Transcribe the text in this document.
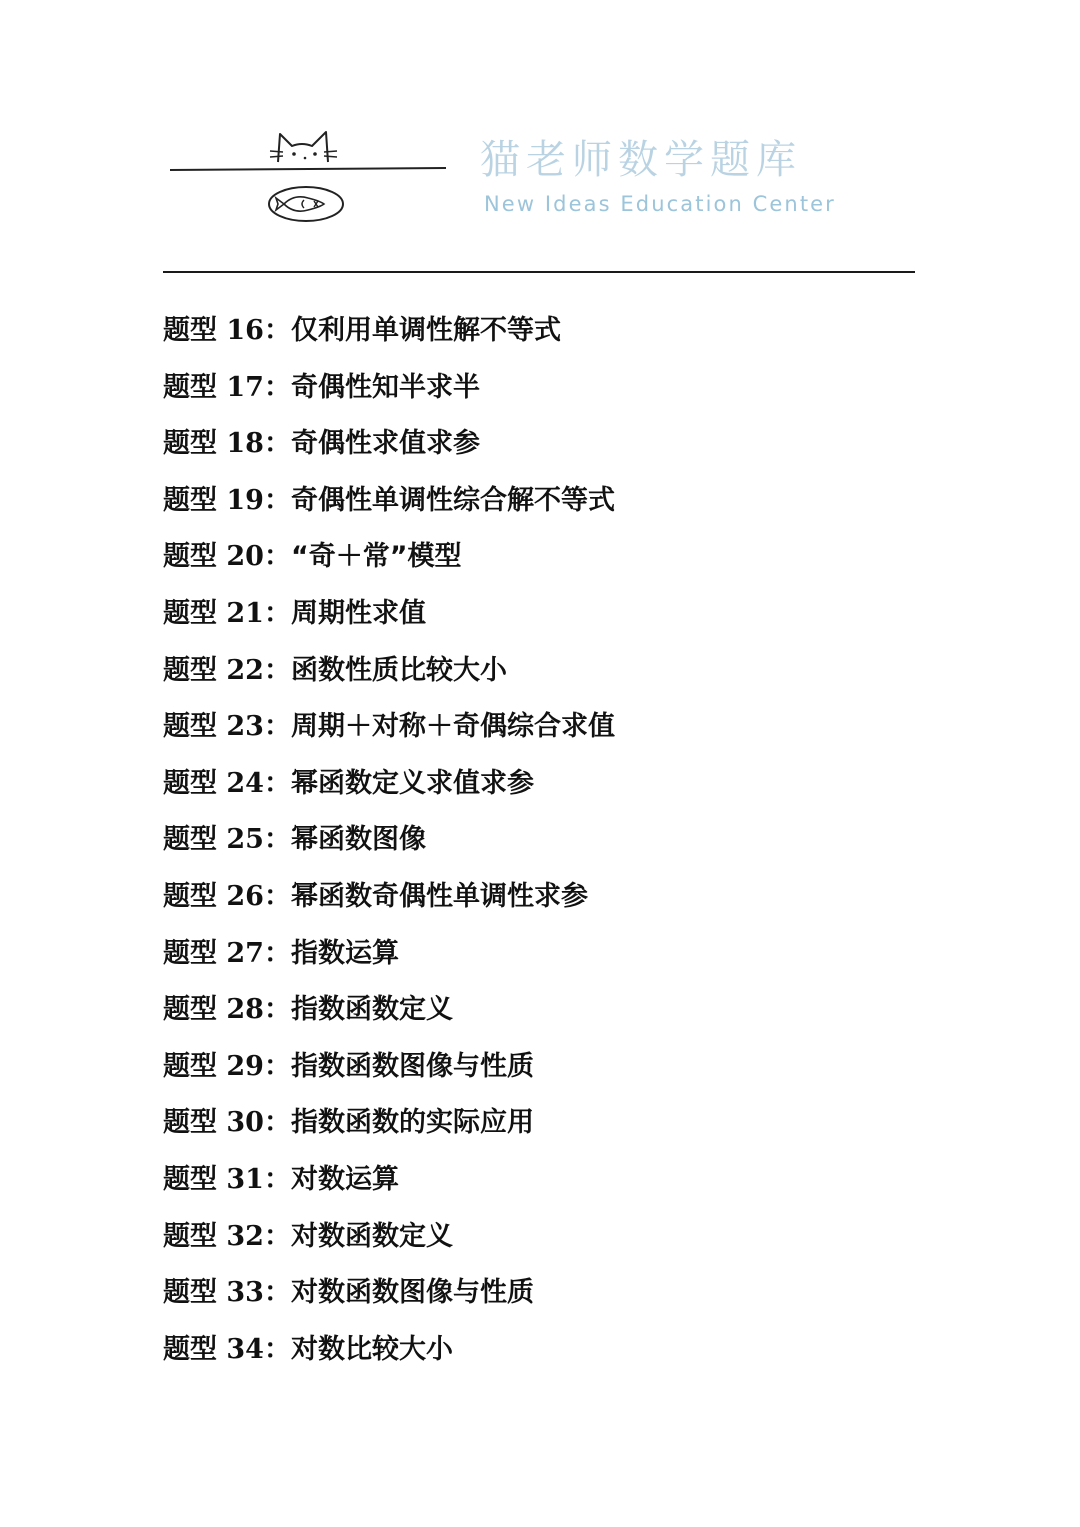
猫老师数学题库
New Ideas Education Center
题型 16： 仅利用单调性解不等式
题型 17： 奇偶性知半求半
题型 18： 奇偶性求值求参
题型 19： 奇偶性单调性综合解不等式
题型 20： “奇＋常”模型
题型 21： 周期性求值
题型 22： 函数性质比较大小
题型 23： 周期＋对称＋奇偶综合求值
题型 24： 幂函数定义求值求参
题型 25： 幂函数图像
题型 26： 幂函数奇偶性单调性求参
题型 27： 指数运算
题型 28： 指数函数定义
题型 29： 指数函数图像与性质
题型 30： 指数函数的实际应用
题型 31： 对数运算
题型 32： 对数函数定义
题型 33： 对数函数图像与性质
题型 34： 对数比较大小
